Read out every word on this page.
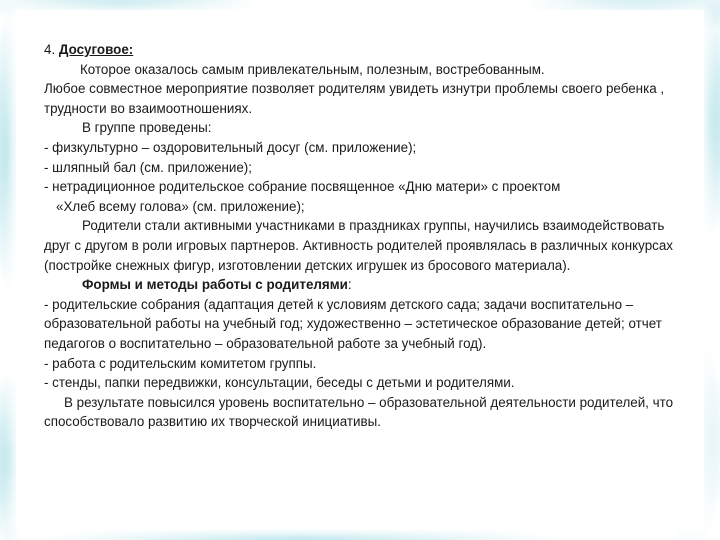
4. Досуговое:

Которое оказалось самым привлекательным, полезным, востребованным.

Любое совместное мероприятие позволяет родителям увидеть изнутри проблемы своего ребенка , трудности во взаимоотношениях.

В группе проведены:

- физкультурно – оздоровительный досуг (см. приложение);

- шляпный бал (см. приложение);

- нетрадиционное родительское собрание посвященное «Дню матери» с проектом

«Хлеб всему голова» (см. приложение);

Родители стали активными участниками в праздниках группы, научились взаимодействовать друг с другом в роли игровых партнеров. Активность родителей проявлялась в различных конкурсах (постройке снежных фигур, изготовлении детских игрушек из бросового материала).

Формы и методы работы с родителями:

- родительские собрания (адаптация детей к условиям детского сада; задачи воспитательно – образовательной работы на учебный год; художественно – эстетическое образование детей; отчет педагогов о воспитательно – образовательной работе за учебный год).

- работа с родительским комитетом группы.

- стенды, папки передвижки, консультации, беседы с детьми и родителями.

В результате повысился уровень воспитательно – образовательной деятельности родителей, что способствовало развитию их творческой инициативы.
